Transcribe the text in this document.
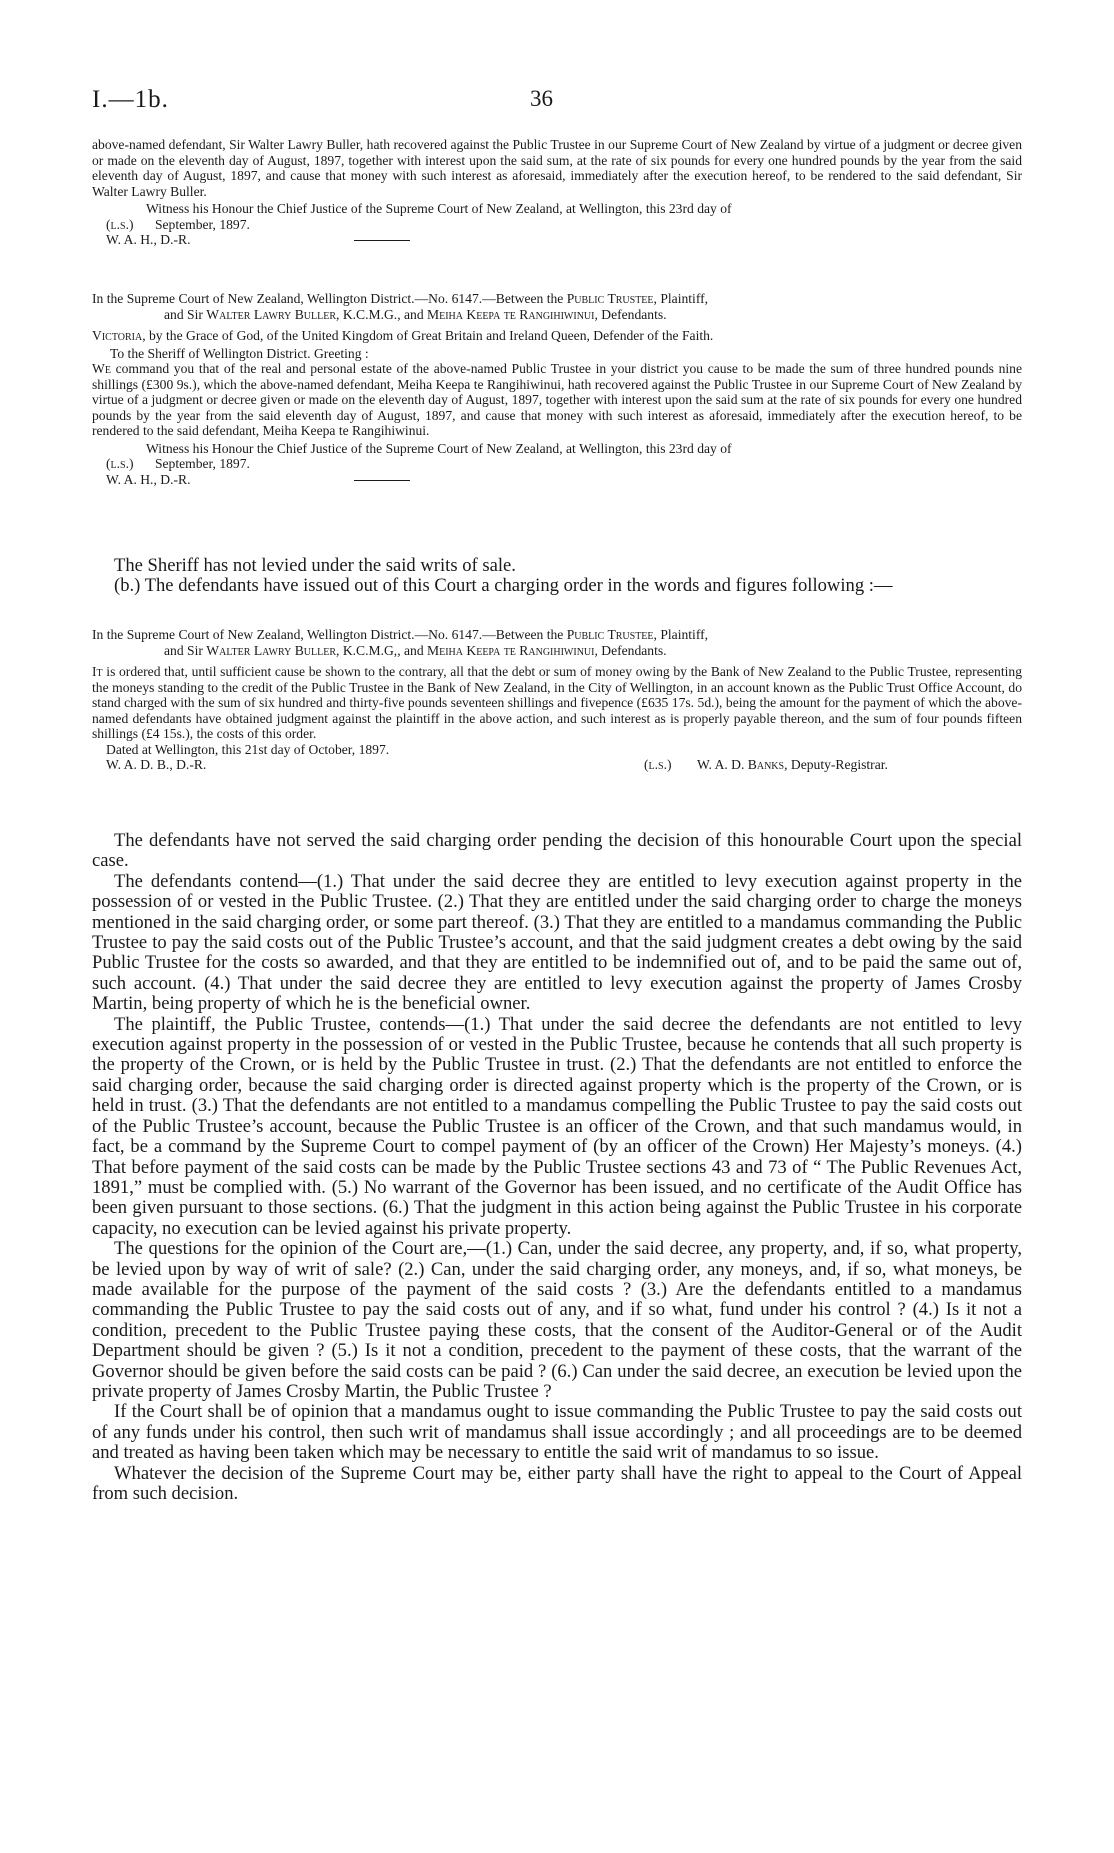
I.—1b.	36

above-named defendant, Sir Walter Lawry Buller, hath recovered against the Public Trustee in our Supreme Court of New Zealand by virtue of a judgment or decree given or made on the eleventh day of August, 1897, together with interest upon the said sum, at the rate of six pounds for every one hundred pounds by the year from the said eleventh day of August, 1897, and cause that money with such interest as aforesaid, immediately after the execution hereof, to be rendered to the said defendant, Sir Walter Lawry Buller.

Witness his Honour the Chief Justice of the Supreme Court of New Zealand, at Wellington, this 23rd day of

(l.s.) September, 1897.

W. A. H., D.-R.

In the Supreme Court of New Zealand, Wellington District.—No. 6147.—Between the Public Trustee, Plaintiff,

and Sir Walter Lawry Buller, K.C.M.G., and Meiha Keepa te Rangihiwinui, Defendants.

Victoria, by the Grace of God, of the United Kingdom of Great Britain and Ireland Queen, Defender of the Faith.

To the Sheriff of Wellington District. Greeting :

We command you that of the real and personal estate of the above-named Public Trustee in your district you cause to be made the sum of three hundred pounds nine shillings (£300 9s.), which the above-named defendant, Meiha Keepa te Rangihiwinui, hath recovered against the Public Trustee in our Supreme Court of New Zealand by virtue of a judgment or decree given or made on the eleventh day of August, 1897, together with interest upon the said sum at the rate of six pounds for every one hundred pounds by the year from the said eleventh day of August, 1897, and cause that money with such interest as aforesaid, immediately after the execution hereof, to be rendered to the said defendant, Meiha Keepa te Rangihiwinui.

Witness his Honour the Chief Justice of the Supreme Court of New Zealand, at Wellington, this 23rd day of

(l.s.) September, 1897.

W. A. H., D.-R.

The Sheriff has not levied under the said writs of sale.

(b.) The defendants have issued out of this Court a charging order in the words and figures following :—

In the Supreme Court of New Zealand, Wellington District.—No. 6147.—Between the Public Trustee, Plaintiff,

and Sir Walter Lawry Buller, K.C.M.G,, and Meiha Keepa te Rangihiwinui, Defendants.

It is ordered that, until sufficient cause be shown to the contrary, all that the debt or sum of money owing by the Bank of New Zealand to the Public Trustee, representing the moneys standing to the credit of the Public Trustee in the Bank of New Zealand, in the City of Wellington, in an account known as the Public Trust Office Account, do stand charged with the sum of six hundred and thirty-five pounds seventeen shillings and fivepence (£635 17s. 5d.), being the amount for the payment of which the above-named defendants have obtained judgment against the plaintiff in the above action, and such interest as is properly payable thereon, and the sum of four pounds fifteen shillings (£4 15s.), the costs of this order.

Dated at Wellington, this 21st day of October, 1897.

W. A. D. B., D.-R.	(l.s.) W. A. D. Banks, Deputy-Registrar.

The defendants have not served the said charging order pending the decision of this honourable Court upon the special case.

The defendants contend—(1.) That under the said decree they are entitled to levy execution against property in the possession of or vested in the Public Trustee. (2.) That they are entitled under the said charging order to charge the moneys mentioned in the said charging order, or some part thereof. (3.) That they are entitled to a mandamus commanding the Public Trustee to pay the said costs out of the Public Trustee’s account, and that the said judgment creates a debt owing by the said Public Trustee for the costs so awarded, and that they are entitled to be indemnified out of, and to be paid the same out of, such account. (4.) That under the said decree they are entitled to levy execution against the property of James Crosby Martin, being property of which he is the beneficial owner.

The plaintiff, the Public Trustee, contends—(1.) That under the said decree the defendants are not entitled to levy execution against property in the possession of or vested in the Public Trustee, because he contends that all such property is the property of the Crown, or is held by the Public Trustee in trust. (2.) That the defendants are not entitled to enforce the said charging order, because the said charging order is directed against property which is the property of the Crown, or is held in trust. (3.) That the defendants are not entitled to a mandamus compelling the Public Trustee to pay the said costs out of the Public Trustee’s account, because the Public Trustee is an officer of the Crown, and that such mandamus would, in fact, be a command by the Supreme Court to compel payment of (by an officer of the Crown) Her Majesty’s moneys. (4.) That before payment of the said costs can be made by the Public Trustee sections 43 and 73 of “ The Public Revenues Act, 1891,” must be complied with. (5.) No warrant of the Governor has been issued, and no certificate of the Audit Office has been given pursuant to those sections. (6.) That the judgment in this action being against the Public Trustee in his corporate capacity, no execution can be levied against his private property.

The questions for the opinion of the Court are,—(1.) Can, under the said decree, any property, and, if so, what property, be levied upon by way of writ of sale? (2.) Can, under the said charging order, any moneys, and, if so, what moneys, be made available for the purpose of the payment of the said costs ? (3.) Are the defendants entitled to a mandamus commanding the Public Trustee to pay the said costs out of any, and if so what, fund under his control ? (4.) Is it not a condition, precedent to the Public Trustee paying these costs, that the consent of the Auditor-General or of the Audit Department should be given ? (5.) Is it not a condition, precedent to the payment of these costs, that the warrant of the Governor should be given before the said costs can be paid ? (6.) Can under the said decree, an execution be levied upon the private property of James Crosby Martin, the Public Trustee ?

If the Court shall be of opinion that a mandamus ought to issue commanding the Public Trustee to pay the said costs out of any funds under his control, then such writ of mandamus shall issue accordingly ; and all proceedings are to be deemed and treated as having been taken which may be necessary to entitle the said writ of mandamus to so issue.

Whatever the decision of the Supreme Court may be, either party shall have the right to appeal to the Court of Appeal from such decision.
